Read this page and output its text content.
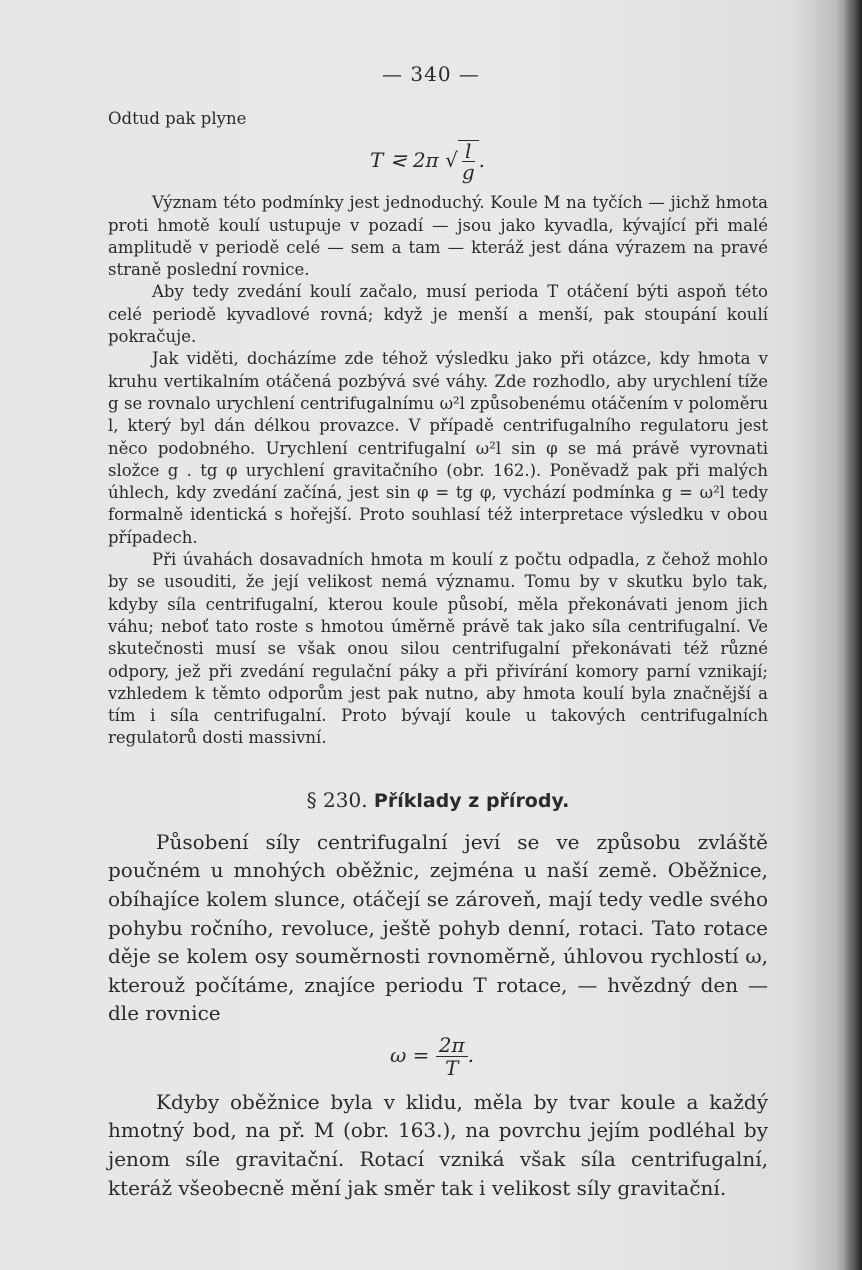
— 340 —

Odtud pak plyne

T ⋜ 2π √ $\frac{l}{g}$ .

Význam této podmínky jest jednoduchý. Koule M na tyčích — jichž hmota proti hmotě koulí ustupuje v pozadí — jsou jako kyvadla, kývající při malé amplitudě v periodě celé — sem a tam — kteráž jest dána výrazem na pravé straně poslední rovnice.

Aby tedy zvedání koulí začalo, musí perioda T otáčení býti aspoň této celé periodě kyvadlové rovná; když je menší a menší, pak stoupání koulí pokračuje.

Jak viděti, docházíme zde téhož výsledku jako při otázce, kdy hmota v kruhu vertikalním otáčená pozbývá své váhy. Zde rozhodlo, aby urychlení tíže g se rovnalo urychlení centrifugalnímu ω²l způsobenému otáčením v poloměru l, který byl dán délkou provazce. V případě centrifugalního regulatoru jest něco podobného. Urychlení centrifugalní ω²l sin φ se má právě vyrovnati složce g . tg φ urychlení gravitačního (obr. 162.). Poněvadž pak při malých úhlech, kdy zvedání začíná, jest sin φ = tg φ, vychází podmínka g = ω²l tedy formalně identická s hořejší. Proto souhlasí též interpretace výsledku v obou případech.

Při úvahách dosavadních hmota m koulí z počtu odpadla, z čehož mohlo by se usouditi, že její velikost nemá významu. Tomu by v skutku bylo tak, kdyby síla centrifugalní, kterou koule působí, měla překonávati jenom jich váhu; neboť tato roste s hmotou úměrně právě tak jako síla centrifugalní. Ve skutečnosti musí se však onou silou centrifugalní překonávati též různé odpory, jež při zvedání regulační páky a při přivírání komory parní vznikají; vzhledem k těmto odporům jest pak nutno, aby hmota koulí byla značnější a tím i síla centrifugalní. Proto bývají koule u takových centrifugalních regulatorů dosti massivní.

§ 230. Příklady z přírody.

Působení síly centrifugalní jeví se ve způsobu zvláště poučném u mnohých oběžnic, zejména u naší země. Oběžnice, obíhajíce kolem slunce, otáčejí se zároveň, mají tedy vedle svého pohybu ročního, revoluce, ještě pohyb denní, rotaci. Tato rotace děje se kolem osy souměrnosti rovnoměrně, úhlovou rychlostí ω, kterouž počítáme, znajíce periodu T rotace, — hvězdný den — dle rovnice

$\omega = \frac{2\pi}{T}$ .

Kdyby oběžnice byla v klidu, měla by tvar koule a každý hmotný bod, na př. M (obr. 163.), na povrchu jejím podléhal by jenom síle gravitační. Rotací vzniká však síla centrifugalní, kteráž všeobecně mění jak směr tak i velikost síly gravitační.
